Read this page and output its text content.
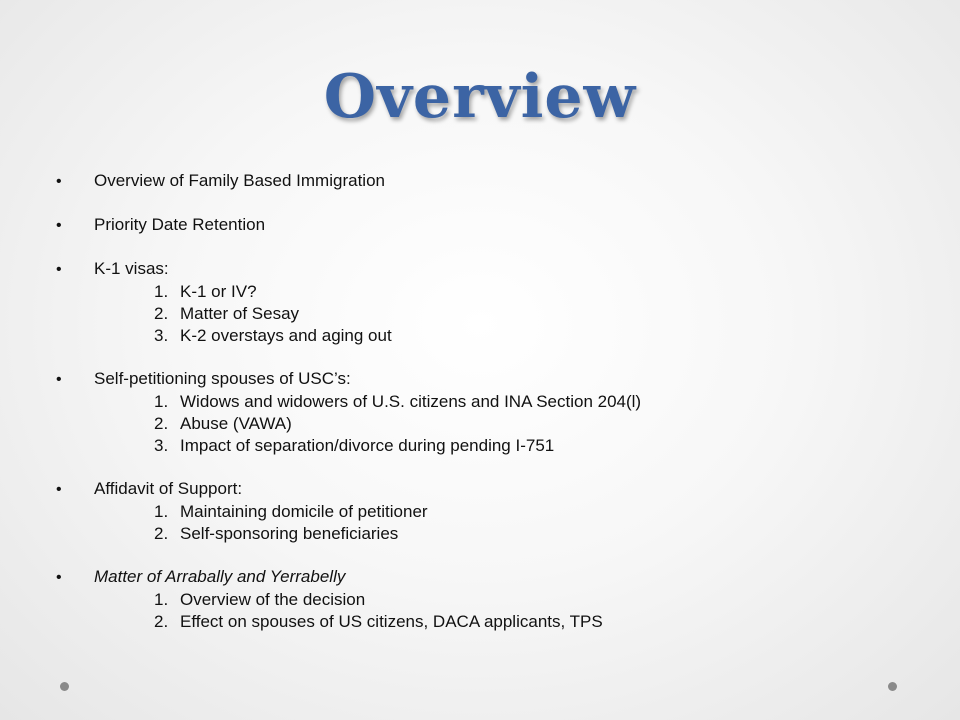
Overview
•	Overview of Family Based Immigration
•	Priority Date Retention
•	K-1 visas:
1. K-1 or IV?
2. Matter of Sesay
3. K-2 overstays and aging out
•	Self-petitioning spouses of USC’s:
1. Widows and widowers of U.S. citizens and INA Section 204(l)
2. Abuse (VAWA)
3. Impact of separation/divorce during pending I-751
•	Affidavit of Support:
1. Maintaining domicile of petitioner
2. Self-sponsoring beneficiaries
•	Matter of Arrabally and Yerrabelly
1. Overview of the decision
2. Effect on spouses of US citizens, DACA applicants, TPS
